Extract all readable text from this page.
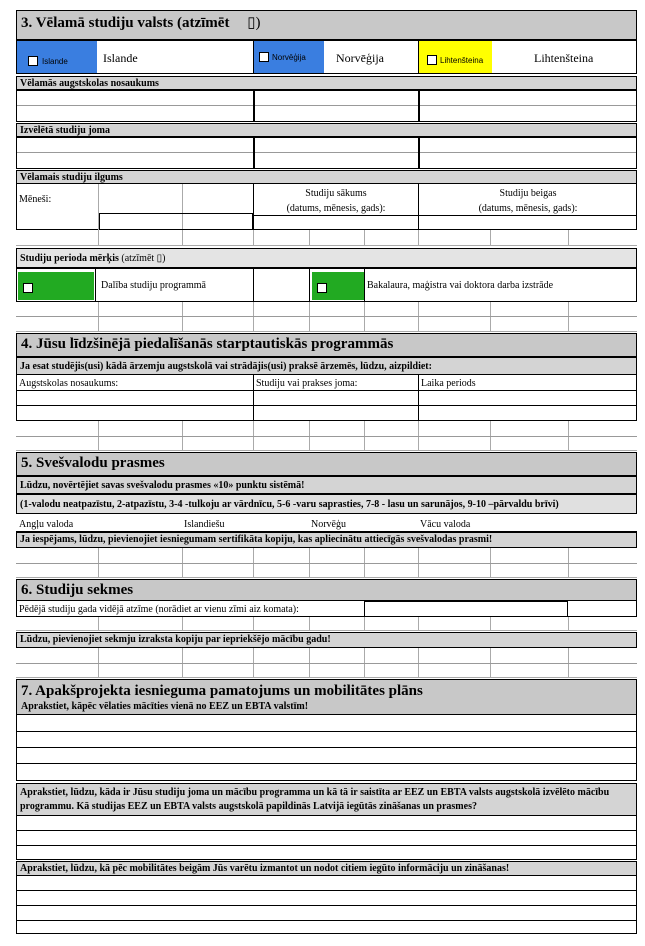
3. Vēlamā studiju valsts (atzīmēt ▯)
Islande	Islande	Norvēģija	Norvēģija	Lihtenšteina	Lihtenšteina
Vēlamās augstskolas nosaukums
Izvēlētā studiju joma
Vēlamais studiju ilgums
Mēneši:
Studiju sākums
(datums, mēnesis, gads):
Studiju beigas
(datums, mēnesis, gads):
Studiju perioda mērķis (atzīmēt ▯)
Dalība studiju programmā	Bakalaura, maģistra vai doktora darba izstrāde
4. Jūsu līdzšinējā piedalīšanās starptautiskās programmās
Ja esat studējis(usi) kādā ārzemju augstskolā vai strādājis(usi) praksē ārzemēs, lūdzu, aizpildiet:
Augstskolas nosaukums:	Studiju vai prakses joma:	Laika periods
5. Svešvalodu prasmes
Lūdzu, novērtējiet savas svešvalodu prasmes «10» punktu sistēmā!
(1-valodu neatpazīstu, 2-atpazīstu, 3-4 -tulkoju ar vārdnīcu, 5-6 -varu saprasties, 7-8 - lasu un sarunājos, 9-10 –pārvaldu brīvi)
Angļu valoda	Islandiešu	Norvēģu	Vācu valoda
Ja iespējams, lūdzu, pievienojiet iesniegumam sertifikāta kopiju, kas apliecinātu attiecīgās svešvalodas prasmi!
6. Studiju sekmes
Pēdējā studiju gada vidējā atzīme (norādiet ar vienu zīmi aiz komata):
Lūdzu, pievienojiet sekmju izraksta kopiju par iepriekšējo mācību gadu!
7. Apakšprojekta iesnieguma pamatojums un mobilitātes plāns
Aprakstiet, kāpēc vēlaties mācīties vienā no EEZ un EBTA valstīm!
Aprakstiet, lūdzu, kāda ir Jūsu studiju joma un mācību programma un kā tā ir saistīta ar EEZ un EBTA valsts augstskolā izvēlēto mācību programmu. Kā studijas EEZ un EBTA valsts augstskolā papildinās Latvijā iegūtās zināšanas un prasmes?
Aprakstiet, lūdzu, kā pēc mobilitātes beigām Jūs varētu izmantot un nodot citiem iegūto informāciju un zināšanas!
